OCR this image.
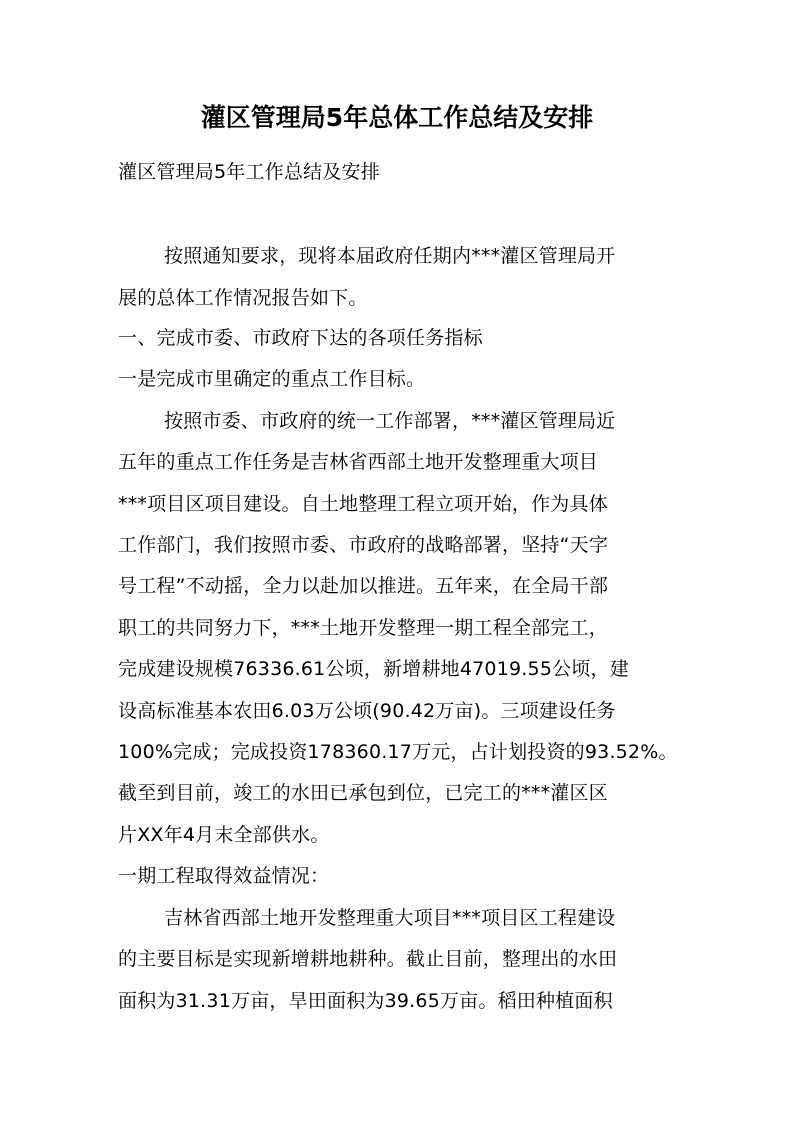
灌区管理局5年总体工作总结及安排
灌区管理局5年工作总结及安排
按照通知要求，现将本届政府任期内***灌区管理局开
展的总体工作情况报告如下。
一、完成市委、市政府下达的各项任务指标
一是完成市里确定的重点工作目标。
按照市委、市政府的统一工作部署，***灌区管理局近
五年的重点工作任务是吉林省西部土地开发整理重大项目
***项目区项目建设。自土地整理工程立项开始，作为具体
工作部门，我们按照市委、市政府的战略部署，坚持“天字
号工程”不动摇，全力以赴加以推进。五年来，在全局干部
职工的共同努力下，***土地开发整理一期工程全部完工，
完成建设规模76336.61公顷，新增耕地47019.55公顷，建
设高标准基本农田6.03万公顷(90.42万亩)。三项建设任务
100%完成；完成投资178360.17万元，占计划投资的93.52%。
截至到目前，竣工的水田已承包到位，已完工的***灌区区
片XX年4月末全部供水。
一期工程取得效益情况：
吉林省西部土地开发整理重大项目***项目区工程建设
的主要目标是实现新增耕地耕种。截止目前，整理出的水田
面积为31.31万亩，旱田面积为39.65万亩。稻田种植面积
